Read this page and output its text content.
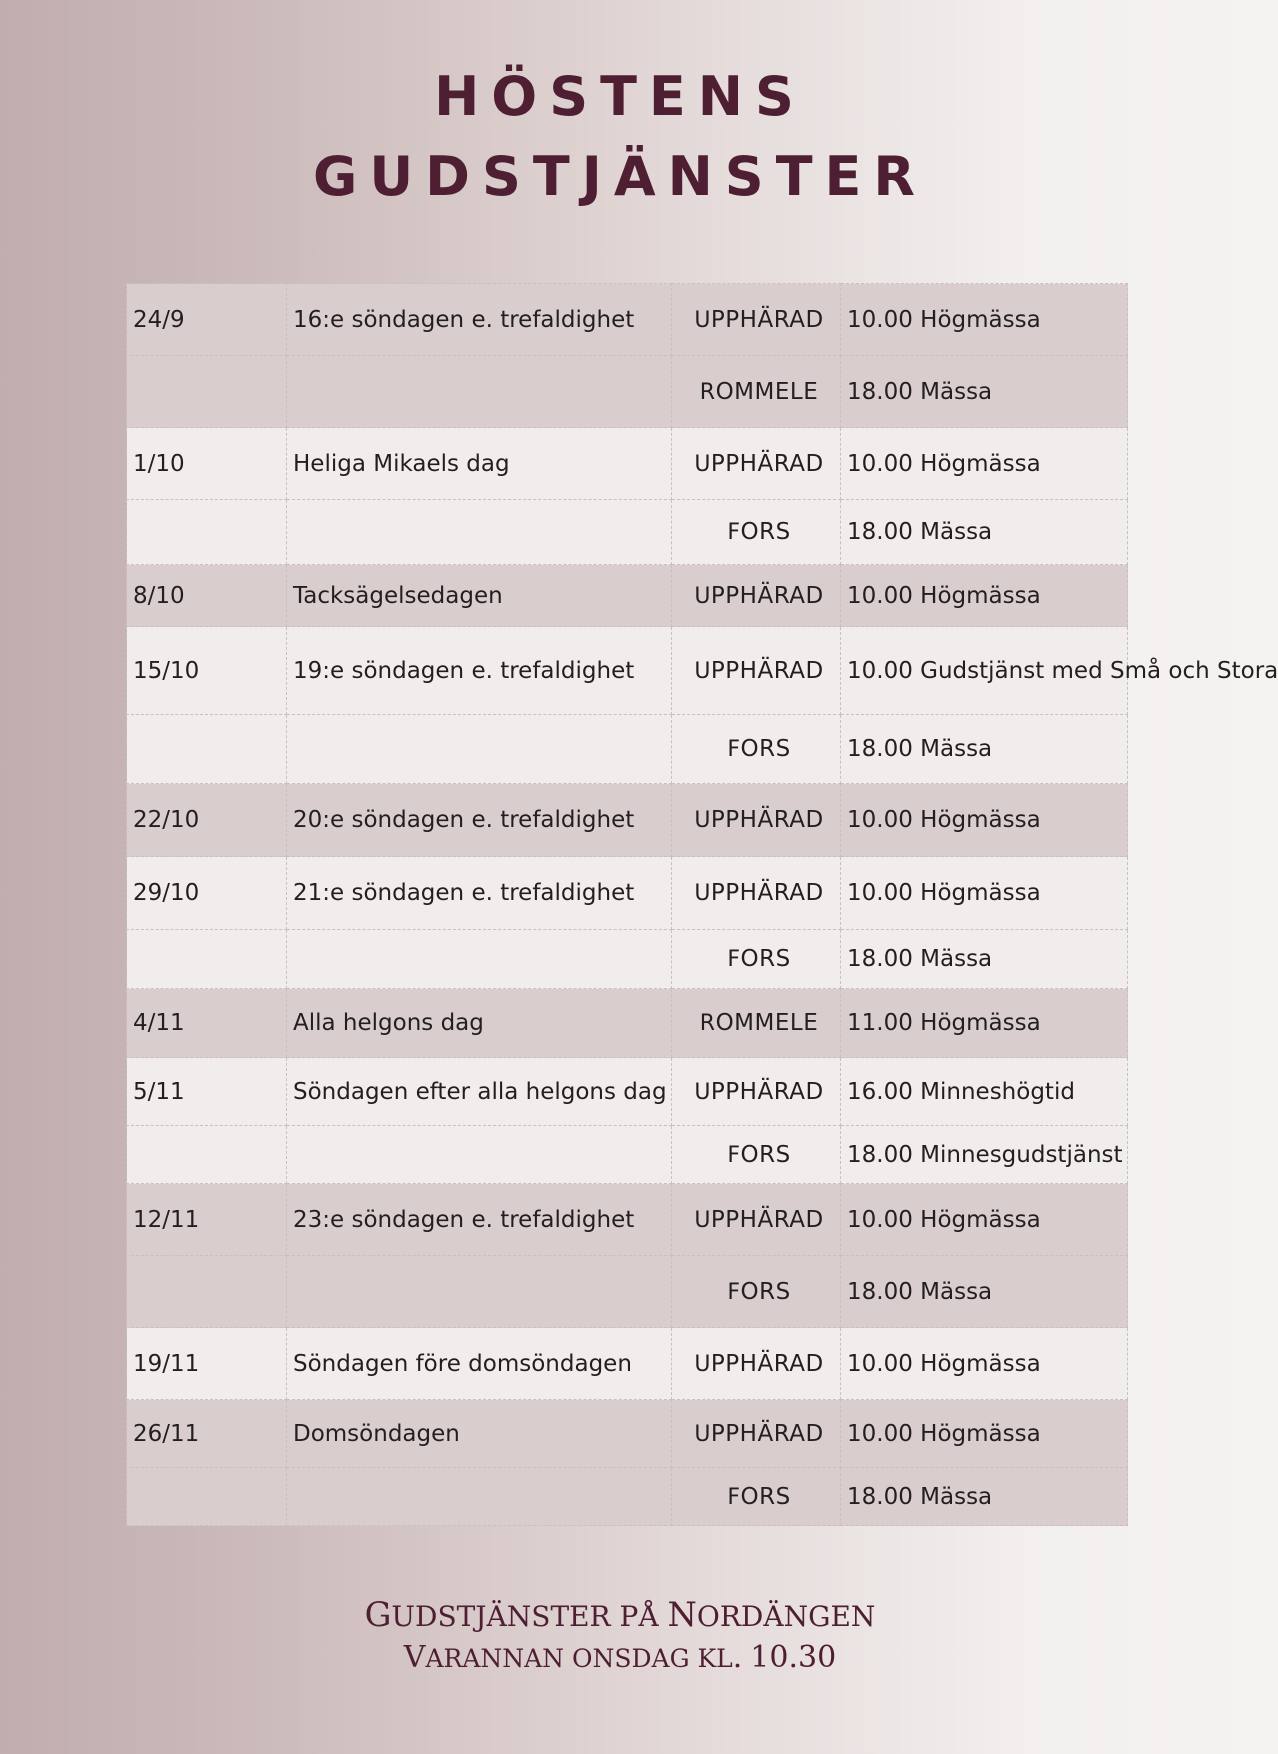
HÖSTENS
GUDSTJÄNSTER
24/9	16:e söndagen e. trefaldighet	UPPHÄRAD	10.00 Högmässa
		ROMMELE	18.00 Mässa
1/10	Heliga Mikaels dag	UPPHÄRAD	10.00 Högmässa
		FORS	18.00 Mässa
8/10	Tacksägelsedagen	UPPHÄRAD	10.00 Högmässa
15/10	19:e söndagen e. trefaldighet	UPPHÄRAD	10.00 Gudstjänst med Små och Stora
		FORS	18.00 Mässa
22/10	20:e söndagen e. trefaldighet	UPPHÄRAD	10.00 Högmässa
29/10	21:e söndagen e. trefaldighet	UPPHÄRAD	10.00 Högmässa
		FORS	18.00 Mässa
4/11	Alla helgons dag	ROMMELE	11.00 Högmässa
5/11	Söndagen efter alla helgons dag	UPPHÄRAD	16.00 Minneshögtid
		FORS	18.00 Minnesgudstjänst
12/11	23:e söndagen e. trefaldighet	UPPHÄRAD	10.00 Högmässa
		FORS	18.00 Mässa
19/11	Söndagen före domsöndagen	UPPHÄRAD	10.00 Högmässa
26/11	Domsöndagen	UPPHÄRAD	10.00 Högmässa
		FORS	18.00 Mässa
GUDSTJÄNSTER PÅ NORDÄNGEN
VARANNAN ONSDAG KL. 10.30
